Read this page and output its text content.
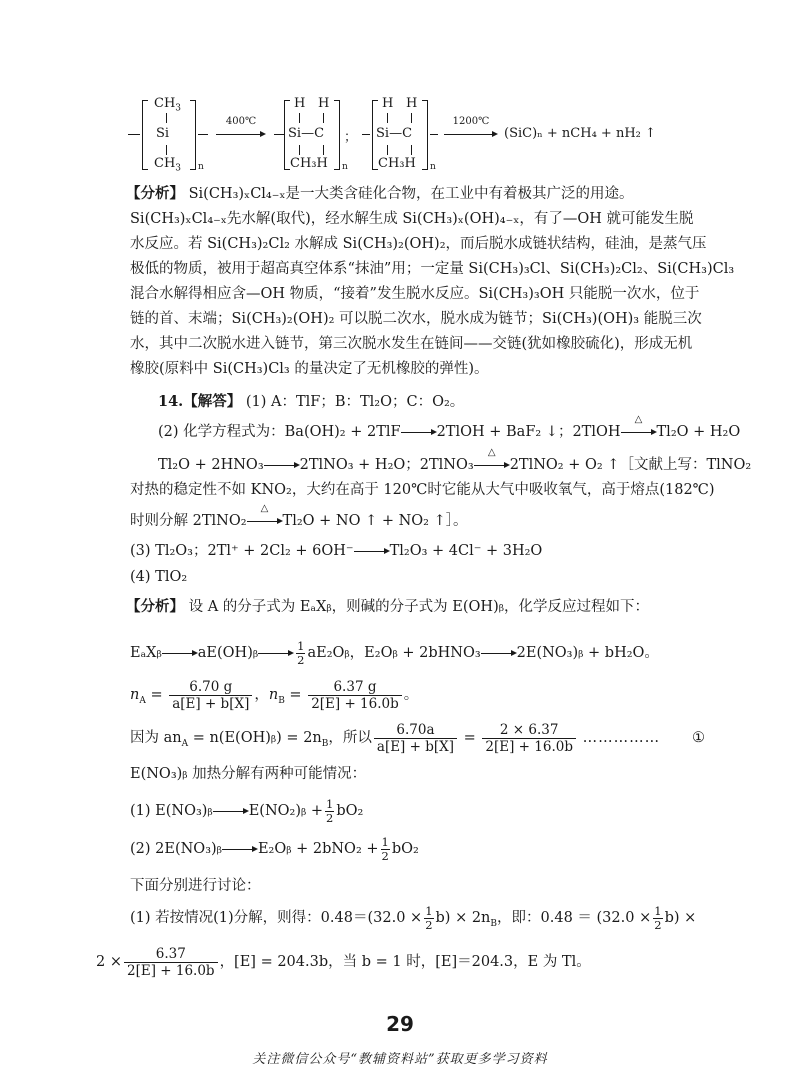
$CH_3$
Si
$CH_3$ n
400℃
H H
Si—C
CH₃H n
；
H H
Si—C
CH₃H n
1200℃
(SiC)ₙ + nCH₄ + nH₂ ↑
【分析】 Si(CH₃)ₓCl₄₋ₓ是一大类含硅化合物，在工业中有着极其广泛的用途。
Si(CH₃)ₓCl₄₋ₓ先水解(取代)，经水解生成 Si(CH₃)ₓ(OH)₄₋ₓ，有了—OH 就可能发生脱
水反应。若 Si(CH₃)₂Cl₂ 水解成 Si(CH₃)₂(OH)₂，而后脱水成链状结构，硅油，是蒸气压
极低的物质，被用于超高真空体系“抹油”用；一定量 Si(CH₃)₃Cl、Si(CH₃)₂Cl₂、Si(CH₃)Cl₃
混合水解得相应含—OH 物质，“接着”发生脱水反应。Si(CH₃)₃OH 只能脱一次水，位于
链的首、末端；Si(CH₃)₂(OH)₂ 可以脱二次水，脱水成为链节；Si(CH₃)(OH)₃ 能脱三次
水，其中二次脱水进入链节，第三次脱水发生在链间——交链(犹如橡胶硫化)，形成无机
橡胶(原料中 Si(CH₃)Cl₃ 的量决定了无机橡胶的弹性)。
14.【解答】 (1) A：TlF；B：Tl₂O；C：O₂。
(2) 化学方程式为：Ba(OH)₂ + 2TlF 2TlOH + BaF₂ ↓；2TlOH
△
Tl₂O + H₂O
Tl₂O + 2HNO₃ 2TlNO₃ + H₂O；2TlNO₃
△
2TlNO₂ + O₂ ↑［文献上写：TlNO₂
对热的稳定性不如 KNO₂，大约在高于 120℃时它能从大气中吸收氧气，高于熔点(182℃)
时则分解 2TlNO₂
△
Tl₂O + NO ↑ + NO₂ ↑］。
(3) Tl₂O₃；2Tl⁺ + 2Cl₂ + 6OH⁻ Tl₂O₃ + 4Cl⁻ + 3H₂O
(4) TlO₂
【分析】 设 A 的分子式为 EₐXᵦ，则碱的分子式为 E(OH)ᵦ，化学反应过程如下：
EₐXᵦ aE(OH)ᵦ	$\frac{1}{2}$ aE₂Oᵦ，E₂Oᵦ + 2bHNO₃ 2E(NO₃)ᵦ + bH₂O。
$n_A = \frac{6.70 g}{a[E] + b[X]}$ ，$n_B = \frac{6.37 g}{2[E] + 16.0b}$ 。
因为 $an_A$ = n(E(OH)ᵦ) = $2n_B$，所以 $\frac{6.70a}{a[E] + b[X]} = \frac{2 \times 6.37}{2[E] + 16.0b}$ …………… ①
E(NO₃)ᵦ 加热分解有两种可能情况：
(1) E(NO₃)ᵦ E(NO₂)ᵦ + $\frac{1}{2} bO_2$
(2) 2E(NO₃)ᵦ E₂Oᵦ + $2bNO_2 + \frac{1}{2} bO_2$
下面分别进行讨论：
(1) 若按情况(1)分解，则得：$0.48=(32.0 \times \frac{1}{2} b) \times 2n_B$，即：$0.48 = (32.0 \times \frac{1}{2} b)$ ×
$2 \times \frac{6.37}{2[E] + 16.0b}$ ，[E] = 204.3b，当 b = 1 时，[E]＝204.3，E 为 Tl。
29
关注微信公众号“教辅资料站”获取更多学习资料
